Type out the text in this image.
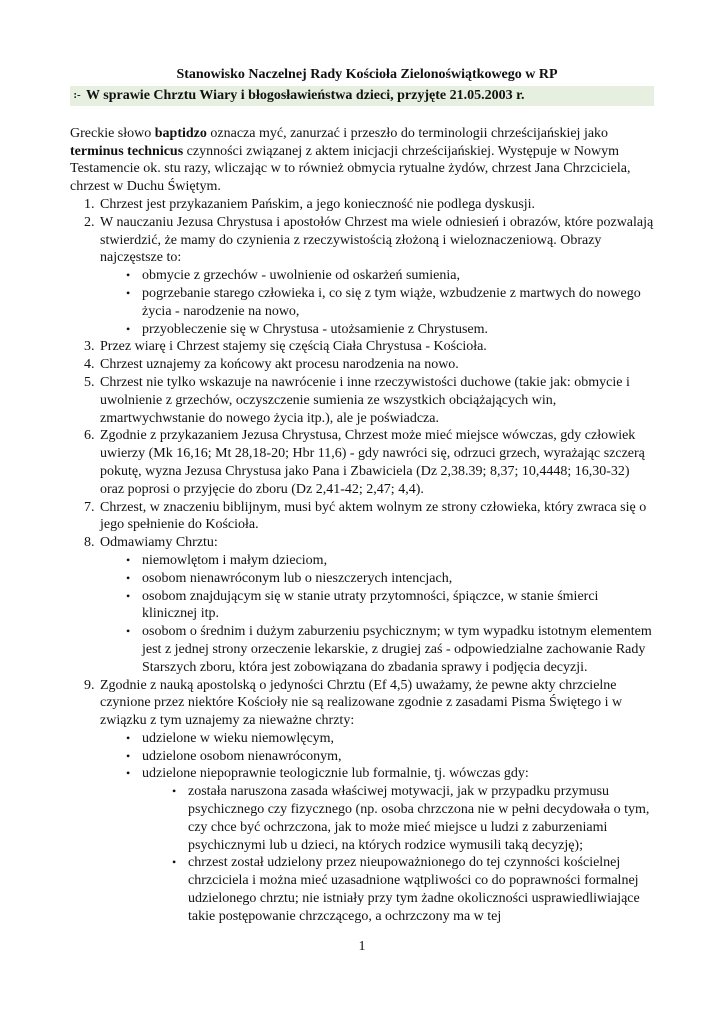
Stanowisko Naczelnej Rady Kościoła Zielonoświątkowego w RP

:- W sprawie Chrztu Wiary i błogosławieństwa dzieci, przyjęte 21.05.2003 r.

Greckie słowo baptidzo oznacza myć, zanurzać i przeszło do terminologii chrześcijańskiej jako terminus technicus czynności związanej z aktem inicjacji chrześcijańskiej. Występuje w Nowym Testamencie ok. stu razy, wliczając w to również obmycia rytualne żydów, chrzest Jana Chrzciciela, chrzest w Duchu Świętym.

1. Chrzest jest przykazaniem Pańskim, a jego konieczność nie podlega dyskusji.
2. W nauczaniu Jezusa Chrystusa i apostołów Chrzest ma wiele odniesień i obrazów, które pozwalają stwierdzić, że mamy do czynienia z rzeczywistością złożoną i wieloznaczeniową. Obrazy najczęstsze to:
• obmycie z grzechów - uwolnienie od oskarżeń sumienia,
• pogrzebanie starego człowieka i, co się z tym wiąże, wzbudzenie z martwych do nowego życia - narodzenie na nowo,
• przyobleczenie się w Chrystusa - utożsamienie z Chrystusem.
3. Przez wiarę i Chrzest stajemy się częścią Ciała Chrystusa - Kościoła.
4. Chrzest uznajemy za końcowy akt procesu narodzenia na nowo.
5. Chrzest nie tylko wskazuje na nawrócenie i inne rzeczywistości duchowe (takie jak: obmycie i uwolnienie z grzechów, oczyszczenie sumienia ze wszystkich obciążających win, zmartwychwstanie do nowego życia itp.), ale je poświadcza.
6. Zgodnie z przykazaniem Jezusa Chrystusa, Chrzest może mieć miejsce wówczas, gdy człowiek uwierzy (Mk 16,16; Mt 28,18-20; Hbr 11,6) - gdy nawróci się, odrzuci grzech, wyrażając szczerą pokutę, wyzna Jezusa Chrystusa jako Pana i Zbawiciela (Dz 2,38.39; 8,37; 10,4448; 16,30-32) oraz poprosi o przyjęcie do zboru (Dz 2,41-42; 2,47; 4,4).
7. Chrzest, w znaczeniu biblijnym, musi być aktem wolnym ze strony człowieka, który zwraca się o jego spełnienie do Kościoła.
8. Odmawiamy Chrztu:
• niemowlętom i małym dzieciom,
• osobom nienawróconym lub o nieszczerych intencjach,
• osobom znajdującym się w stanie utraty przytomności, śpiączce, w stanie śmierci klinicznej itp.
• osobom o średnim i dużym zaburzeniu psychicznym; w tym wypadku istotnym elementem jest z jednej strony orzeczenie lekarskie, z drugiej zaś - odpowiedzialne zachowanie Rady Starszych zboru, która jest zobowiązana do zbadania sprawy i podjęcia decyzji.
9. Zgodnie z nauką apostolską o jedyności Chrztu (Ef 4,5) uważamy, że pewne akty chrzcielne czynione przez niektóre Kościoły nie są realizowane zgodnie z zasadami Pisma Świętego i w związku z tym uznajemy za nieważne chrzty:
• udzielone w wieku niemowlęcym,
• udzielone osobom nienawróconym,
• udzielone niepoprawnie teologicznie lub formalnie, tj. wówczas gdy:
• została naruszona zasada właściwej motywacji, jak w przypadku przymusu psychicznego czy fizycznego (np. osoba chrzczona nie w pełni decydowała o tym, czy chce być ochrzczona, jak to może mieć miejsce u ludzi z zaburzeniami psychicznymi lub u dzieci, na których rodzice wymusili taką decyzję);
• chrzest został udzielony przez nieupoważnionego do tej czynności kościelnej chrzciciela i można mieć uzasadnione wątpliwości co do poprawności formalnej udzielonego chrztu; nie istniały przy tym żadne okoliczności usprawiedliwiające takie postępowanie chrzczącego, a ochrzczony ma w tej
1
